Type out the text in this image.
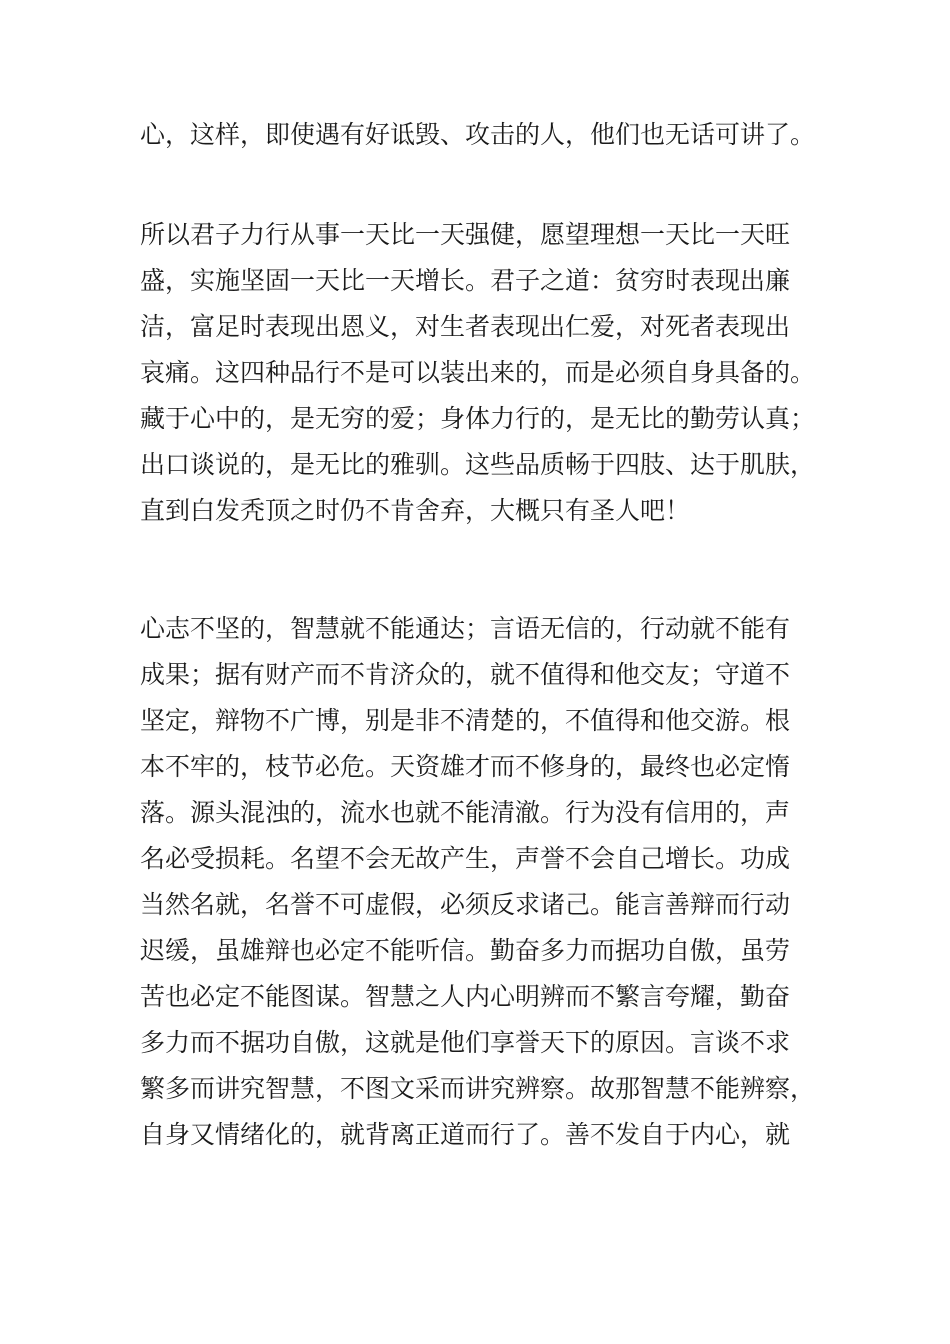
心，这样，即使遇有好诋毁、攻击的人，他们也无话可讲了。

所以君子力行从事一天比一天强健，愿望理想一天比一天旺

盛，实施坚固一天比一天增长。君子之道：贫穷时表现出廉

洁，富足时表现出恩义，对生者表现出仁爱，对死者表现出

哀痛。这四种品行不是可以装出来的，而是必须自身具备的。

藏于心中的，是无穷的爱；身体力行的，是无比的勤劳认真；

出口谈说的，是无比的雅驯。这些品质畅于四肢、达于肌肤，

直到白发秃顶之时仍不肯舍弃，大概只有圣人吧！

心志不坚的，智慧就不能通达；言语无信的，行动就不能有

成果；据有财产而不肯济众的，就不值得和他交友；守道不

坚定，辩物不广博，别是非不清楚的，不值得和他交游。根

本不牢的，枝节必危。天资雄才而不修身的，最终也必定惰

落。源头混浊的，流水也就不能清澈。行为没有信用的，声

名必受损耗。名望不会无故产生，声誉不会自己增长。功成

当然名就，名誉不可虚假，必须反求诸己。能言善辩而行动

迟缓，虽雄辩也必定不能听信。勤奋多力而据功自傲，虽劳

苦也必定不能图谋。智慧之人内心明辨而不繁言夸耀，勤奋

多力而不据功自傲，这就是他们享誉天下的原因。言谈不求

繁多而讲究智慧，不图文采而讲究辨察。故那智慧不能辨察，

自身又情绪化的，就背离正道而行了。善不发自于内心，就
